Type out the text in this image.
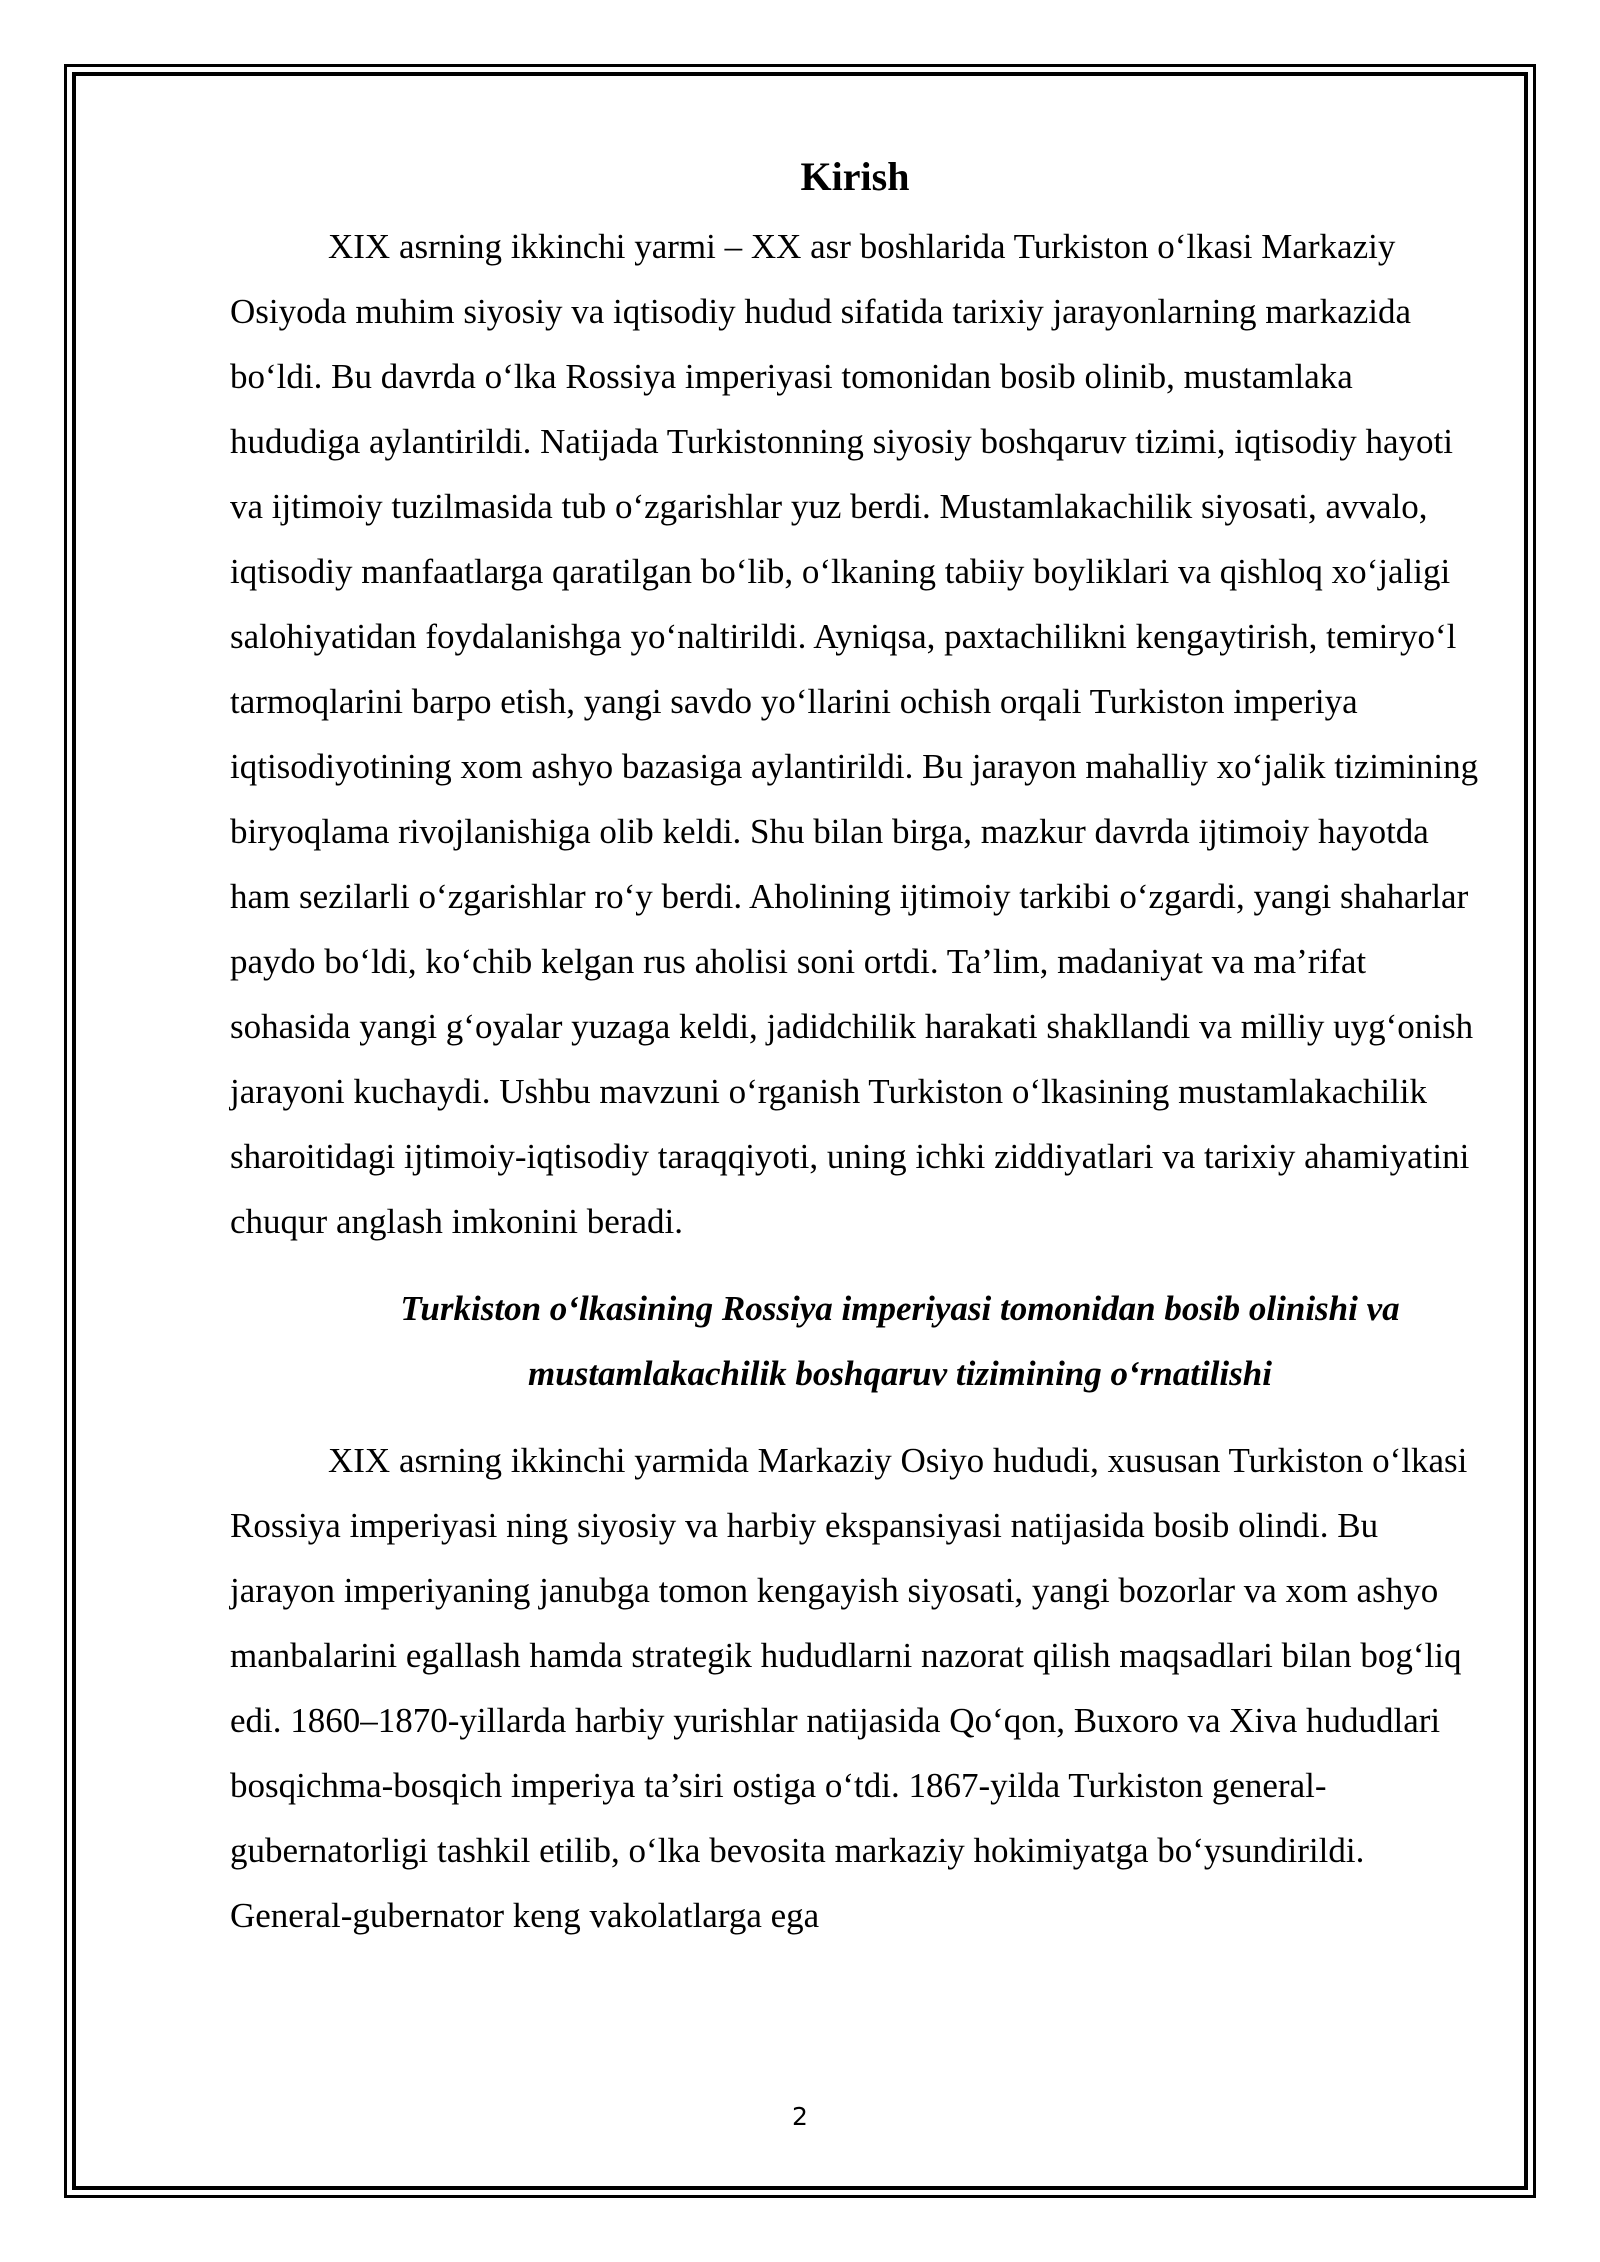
Kirish

XIX asrning ikkinchi yarmi – XX asr boshlarida Turkiston o‘lkasi Markaziy Osiyoda muhim siyosiy va iqtisodiy hudud sifatida tarixiy jarayonlarning markazida bo‘ldi. Bu davrda o‘lka Rossiya imperiyasi tomonidan bosib olinib, mustamlaka hududiga aylantirildi. Natijada Turkistonning siyosiy boshqaruv tizimi, iqtisodiy hayoti va ijtimoiy tuzilmasida tub o‘zgarishlar yuz berdi. Mustamlakachilik siyosati, avvalo, iqtisodiy manfaatlarga qaratilgan bo‘lib, o‘lkaning tabiiy boyliklari va qishloq xo‘jaligi salohiyatidan foydalanishga yo‘naltirildi. Ayniqsa, paxtachilikni kengaytirish, temiryo‘l tarmoqlarini barpo etish, yangi savdo yo‘llarini ochish orqali Turkiston imperiya iqtisodiyotining xom ashyo bazasiga aylantirildi. Bu jarayon mahalliy xo‘jalik tizimining biryoqlama rivojlanishiga olib keldi. Shu bilan birga, mazkur davrda ijtimoiy hayotda ham sezilarli o‘zgarishlar ro‘y berdi. Aholining ijtimoiy tarkibi o‘zgardi, yangi shaharlar paydo bo‘ldi, ko‘chib kelgan rus aholisi soni ortdi. Ta’lim, madaniyat va ma’rifat sohasida yangi g‘oyalar yuzaga keldi, jadidchilik harakati shakllandi va milliy uyg‘onish jarayoni kuchaydi. Ushbu mavzuni o‘rganish Turkiston o‘lkasining mustamlakachilik sharoitidagi ijtimoiy-iqtisodiy taraqqiyoti, uning ichki ziddiyatlari va tarixiy ahamiyatini chuqur anglash imkonini beradi.

Turkiston o‘lkasining Rossiya imperiyasi tomonidan bosib olinishi va
mustamlakachilik boshqaruv tizimining o‘rnatilishi

XIX asrning ikkinchi yarmida Markaziy Osiyo hududi, xususan Turkiston o‘lkasi Rossiya imperiyasi ning siyosiy va harbiy ekspansiyasi natijasida bosib olindi. Bu jarayon imperiyaning janubga tomon kengayish siyosati, yangi bozorlar va xom ashyo manbalarini egallash hamda strategik hududlarni nazorat qilish maqsadlari bilan bog‘liq edi. 1860–1870-yillarda harbiy yurishlar natijasida Qo‘qon, Buxoro va Xiva hududlari bosqichma-bosqich imperiya ta’siri ostiga o‘tdi. 1867-yilda Turkiston general-gubernatorligi tashkil etilib, o‘lka bevosita markaziy hokimiyatga bo‘ysundirildi. General-gubernator keng vakolatlarga ega

2
